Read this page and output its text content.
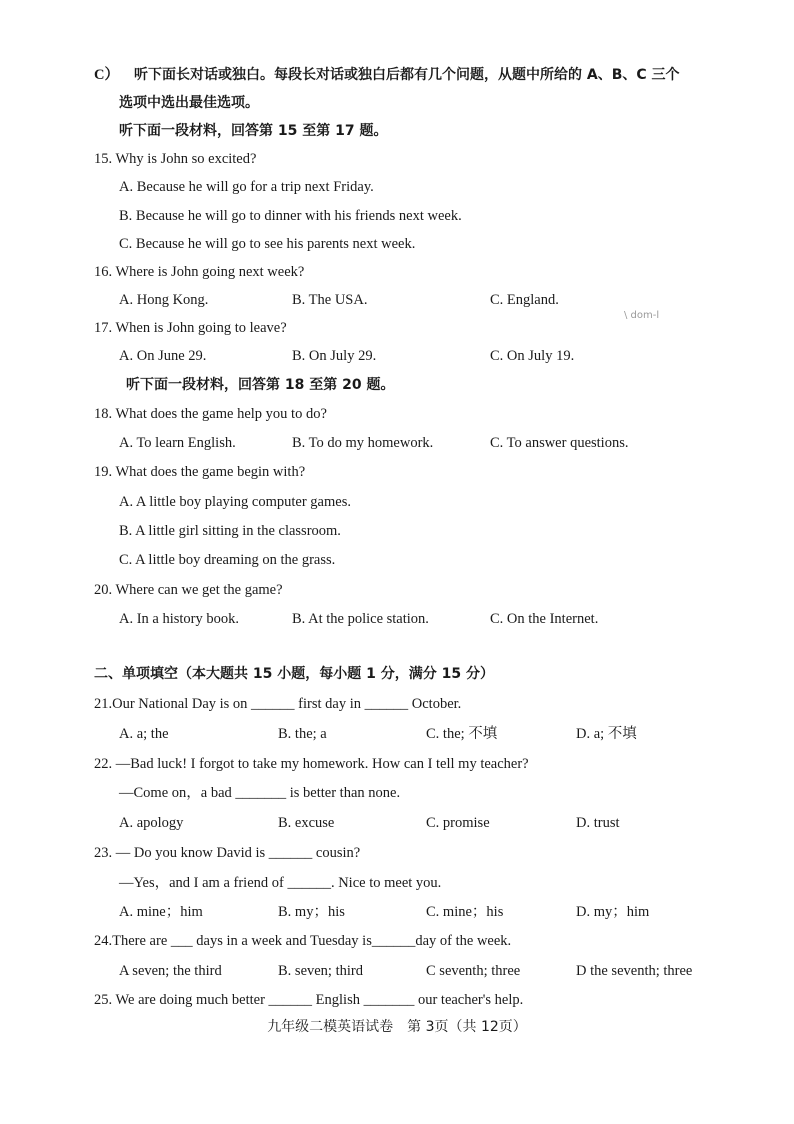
C） 听下面长对话或独白。每段长对话或独白后都有几个问题，从题中所给的 A、B、C 三个
选项中选出最佳选项。
听下面一段材料，回答第 15 至第 17 题。
15. Why is John so excited?
A. Because he will go for a trip next Friday.
B. Because he will go to dinner with his friends next week.
C. Because he will go to see his parents next week.
16. Where is John going next week?
A. Hong Kong.	B. The USA.	C. England.
\ dom-l
17. When is John going to leave?
A. On June 29.	B. On July 29.	C. On July 19.
听下面一段材料，回答第 18 至第 20 题。
18. What does the game help you to do?
A. To learn English.	B. To do my homework.	C. To answer questions.
19. What does the game begin with?
A. A little boy playing computer games.
B. A little girl sitting in the classroom.
C. A little boy dreaming on the grass.
20. Where can we get the game?
A. In a history book.	B. At the police station.	C. On the Internet.
二、单项填空（本大题共 15 小题，每小题 1 分，满分 15 分）
21.Our National Day is on ______ first day in ______ October.
A. a; the	B. the; a	C. the; 不填	D. a; 不填
22. —Bad luck! I forgot to take my homework. How can I tell my teacher?
—Come on，a bad _______ is better than none.
A. apology	B. excuse	C. promise	D. trust
23. — Do you know David is ______ cousin?
—Yes，and I am a friend of ______. Nice to meet you.
A. mine；him	B. my；his	C. mine；his	D. my；him
24.There are ___ days in a week and Tuesday is______day of the week.
A seven; the third	B. seven; third	C seventh; three	D the seventh; three
25. We are doing much better ______ English _______ our teacher's help.
九年级二模英语试卷　第 3页（共 12页）
